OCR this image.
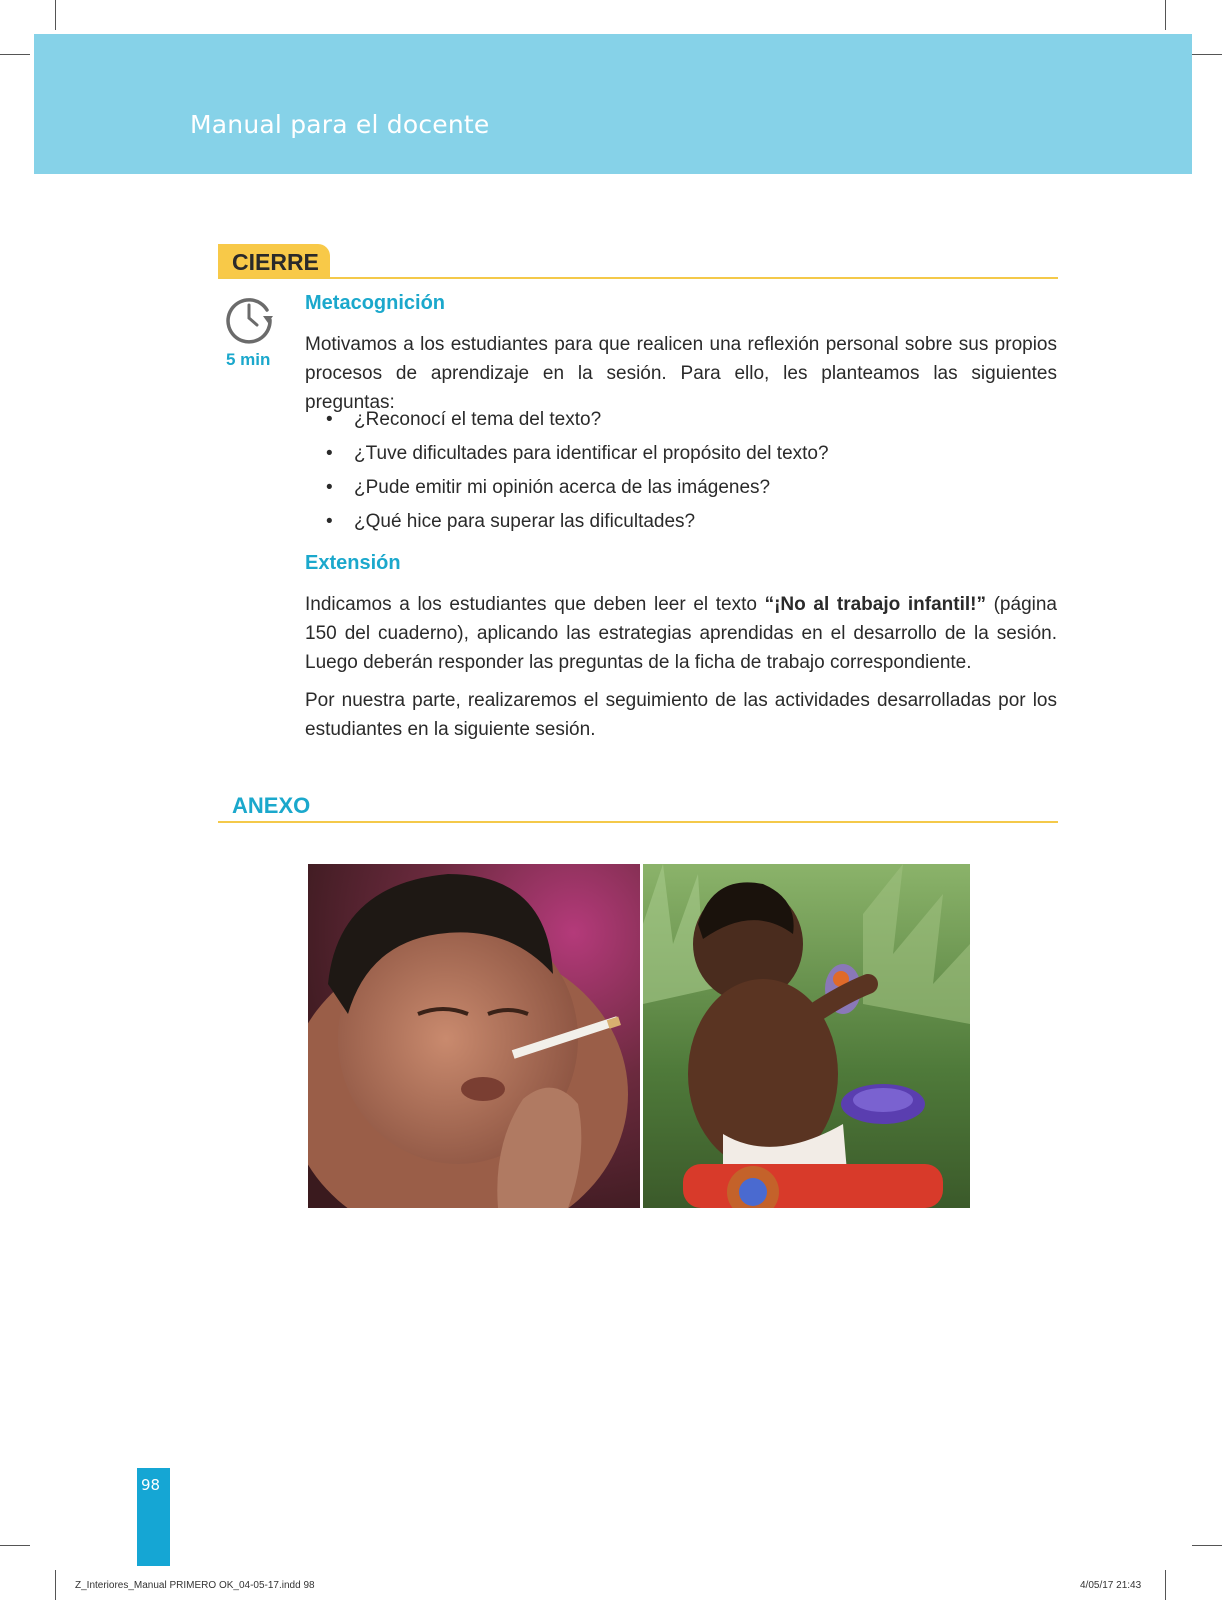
Manual para el docente
CIERRE
5 min
Metacognición

Motivamos a los estudiantes para que realicen una reflexión personal sobre sus propios procesos de aprendizaje en la sesión. Para ello, les planteamos las siguientes preguntas:

• ¿Reconocí el tema del texto?
• ¿Tuve dificultades para identificar el propósito del texto?
• ¿Pude emitir mi opinión acerca de las imágenes?
• ¿Qué hice para superar las dificultades?
Extensión

Indicamos a los estudiantes que deben leer el texto “¡No al trabajo infantil!” (página 150 del cuaderno), aplicando las estrategias aprendidas en el desarrollo de la sesión. Luego deberán responder las preguntas de la ficha de trabajo correspondiente.

Por nuestra parte, realizaremos el seguimiento de las actividades desarrolladas por los estudiantes en la siguiente sesión.

ANEXO
98
Z_Interiores_Manual PRIMERO OK_04-05-17.indd 98	4/05/17 21:43
